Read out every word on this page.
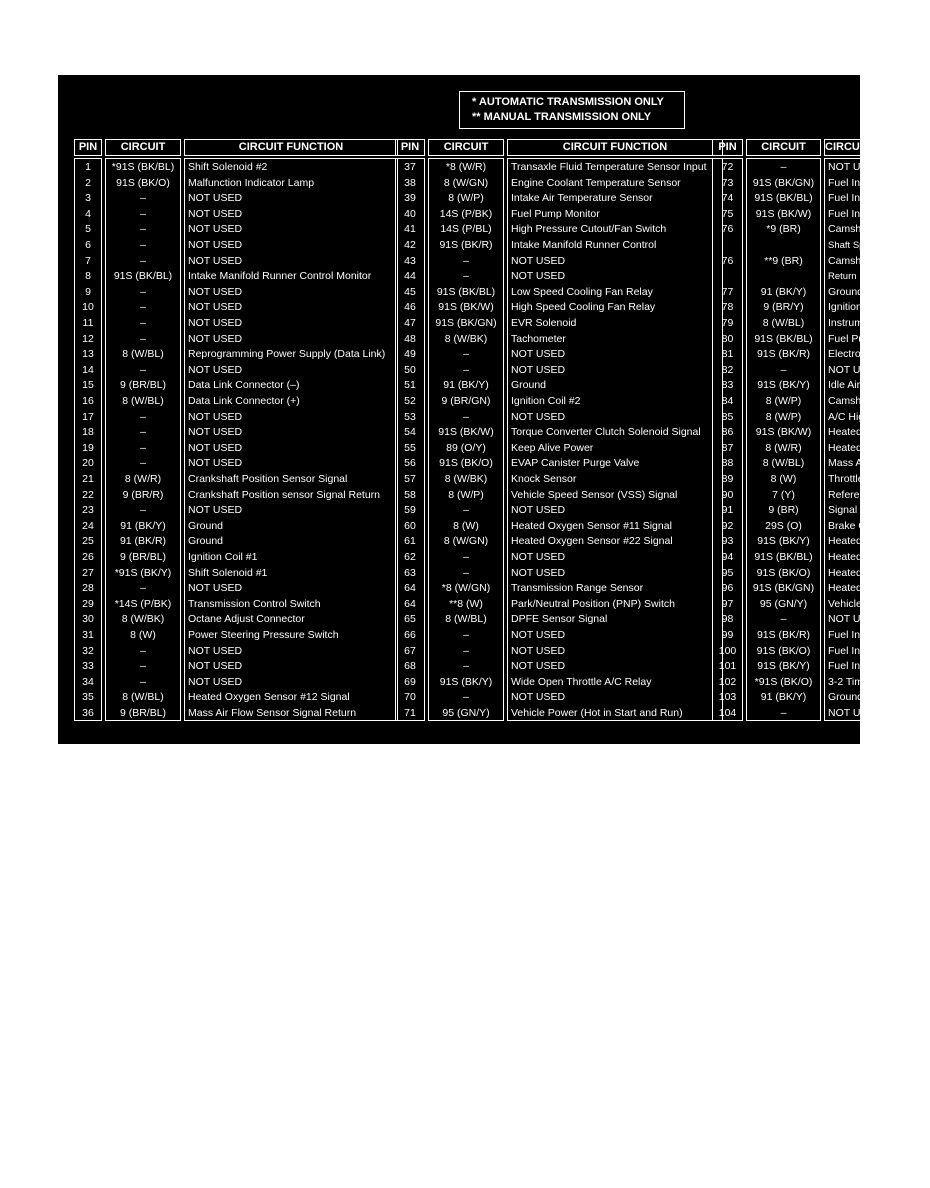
* AUTOMATIC TRANSMISSION ONLY
** MANUAL TRANSMISSION ONLY
PIN	CIRCUIT	CIRCUIT FUNCTION
1	*91S (BK/BL)	Shift Solenoid #2
2	91S (BK/O)	Malfunction Indicator Lamp
3	–	NOT USED
4	–	NOT USED
5	–	NOT USED
6	–	NOT USED
7	–	NOT USED
8	91S (BK/BL)	Intake Manifold Runner Control Monitor
9	–	NOT USED
10	–	NOT USED
11	–	NOT USED
12	–	NOT USED
13	8 (W/BL)	Reprogramming Power Supply (Data Link)
14	–	NOT USED
15	9 (BR/BL)	Data Link Connector (–)
16	8 (W/BL)	Data Link Connector (+)
17	–	NOT USED
18	–	NOT USED
19	–	NOT USED
20	–	NOT USED
21	8 (W/R)	Crankshaft Position Sensor Signal
22	9 (BR/R)	Crankshaft Position sensor Signal Return
23	–	NOT USED
24	91 (BK/Y)	Ground
25	91 (BK/R)	Ground
26	9 (BR/BL)	Ignition Coil #1
27	*91S (BK/Y)	Shift Solenoid #1
28	–	NOT USED
29	*14S (P/BK)	Transmission Control Switch
30	8 (W/BK)	Octane Adjust Connector
31	8 (W)	Power Steering Pressure Switch
32	–	NOT USED
33	–	NOT USED
34	–	NOT USED
35	8 (W/BL)	Heated Oxygen Sensor #12 Signal
36	9 (BR/BL)	Mass Air Flow Sensor Signal Return
PIN	CIRCUIT	CIRCUIT FUNCTION
37	*8 (W/R)	Transaxle Fluid Temperature Sensor Input
38	8 (W/GN)	Engine Coolant Temperature Sensor
39	8 (W/P)	Intake Air Temperature Sensor
40	14S (P/BK)	Fuel Pump Monitor
41	14S (P/BL)	High Pressure Cutout/Fan Switch
42	91S (BK/R)	Intake Manifold Runner Control
43	–	NOT USED
44	–	NOT USED
45	91S (BK/BL)	Low Speed Cooling Fan Relay
46	91S (BK/W)	High Speed Cooling Fan Relay
47	91S (BK/GN)	EVR Solenoid
48	8 (W/BK)	Tachometer
49	–	NOT USED
50	–	NOT USED
51	91 (BK/Y)	Ground
52	9 (BR/GN)	Ignition Coil #2
53	–	NOT USED
54	91S (BK/W)	Torque Converter Clutch Solenoid Signal
55	89 (O/Y)	Keep Alive Power
56	91S (BK/O)	EVAP Canister Purge Valve
57	8 (W/BK)	Knock Sensor
58	8 (W/P)	Vehicle Speed Sensor (VSS) Signal
59	–	NOT USED
60	8 (W)	Heated Oxygen Sensor #11 Signal
61	8 (W/GN)	Heated Oxygen Sensor #22 Signal
62	–	NOT USED
63	–	NOT USED
64	*8 (W/GN)	Transmission Range Sensor
64	**8 (W)	Park/Neutral Position (PNP) Switch
65	8 (W/BL)	DPFE Sensor Signal
66	–	NOT USED
67	–	NOT USED
68	–	NOT USED
69	91S (BK/Y)	Wide Open Throttle A/C Relay
70	–	NOT USED
71	95 (GN/Y)	Vehicle Power (Hot in Start and Run)
PIN	CIRCUIT	CIRCUIT FUNCTION
72	–	NOT USED
73	91S (BK/GN)	Fuel Injector
74	91S (BK/BL)	Fuel Injector
75	91S (BK/W)	Fuel Injector
76	*9 (BR)	Camshaft
Shaft Speed
76	**9 (BR)	Camshaft
Return
77	91 (BK/Y)	Ground
78	9 (BR/Y)	Ignition
79	8 (W/BL)	Instrument
80	91S (BK/BL)	Fuel Pump
81	91S (BK/R)	Electronic
82	–	NOT USED
83	91S (BK/Y)	Idle Air
84	8 (W/P)	Camshaft
85	8 (W/P)	A/C High
86	91S (BK/W)	Heated
87	8 (W/R)	Heated
88	8 (W/BL)	Mass Air
89	8 (W)	Throttle
90	7 (Y)	Reference
91	9 (BR)	Signal
92	29S (O)	Brake On
93	91S (BK/Y)	Heated
94	91S (BK/BL)	Heated
95	91S (BK/O)	Heated
96	91S (BK/GN)	Heated
97	95 (GN/Y)	Vehicle
98	–	NOT USED
99	91S (BK/R)	Fuel Injector
100	91S (BK/O)	Fuel Injector
101	91S (BK/Y)	Fuel Injector
102	*91S (BK/O)	3-2 Timing
103	91 (BK/Y)	Ground
104	–	NOT USED
